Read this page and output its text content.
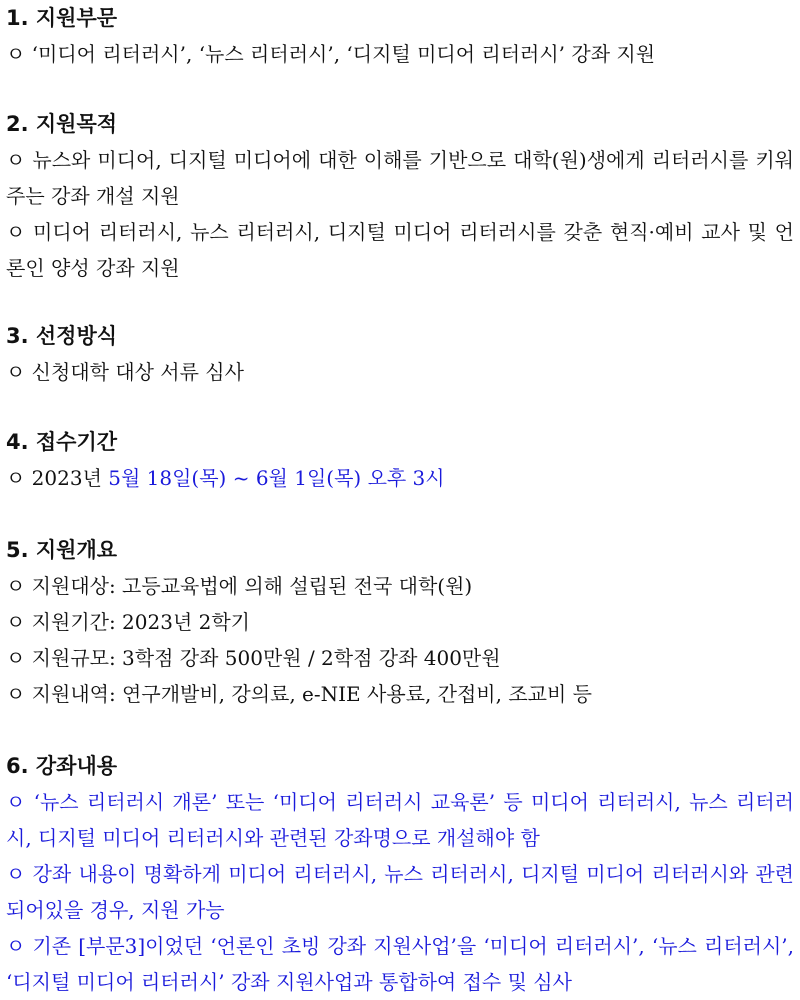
1. 지원부문

ㅇ ‘미디어 리터러시’, ‘뉴스 리터러시’, ‘디지털 미디어 리터러시’ 강좌 지원

2. 지원목적

ㅇ 뉴스와 미디어, 디지털 미디어에 대한 이해를 기반으로 대학(원)생에게 리터러시를 키워주는 강좌 개설 지원

ㅇ 미디어 리터러시, 뉴스 리터러시, 디지털 미디어 리터러시를 갖춘 현직·예비 교사 및 언론인 양성 강좌 지원

3. 선정방식

ㅇ 신청대학 대상 서류 심사

4. 접수기간

ㅇ 2023년 5월 18일(목) ~ 6월 1일(목) 오후 3시

5. 지원개요

ㅇ 지원대상: 고등교육법에 의해 설립된 전국 대학(원)

ㅇ 지원기간: 2023년 2학기

ㅇ 지원규모: 3학점 강좌 500만원 / 2학점 강좌 400만원

ㅇ 지원내역: 연구개발비, 강의료, e-NIE 사용료, 간접비, 조교비 등

6. 강좌내용

ㅇ ‘뉴스 리터러시 개론’ 또는 ‘미디어 리터러시 교육론’ 등 미디어 리터러시, 뉴스 리터러시, 디지털 미디어 리터러시와 관련된 강좌명으로 개설해야 함

ㅇ 강좌 내용이 명확하게 미디어 리터러시, 뉴스 리터러시, 디지털 미디어 리터러시와 관련되어있을 경우, 지원 가능

ㅇ 기존 [부문3]이었던 ‘언론인 초빙 강좌 지원사업’을 ‘미디어 리터러시’, ‘뉴스 리터러시’, ‘디지털 미디어 리터러시’ 강좌 지원사업과 통합하여 접수 및 심사
